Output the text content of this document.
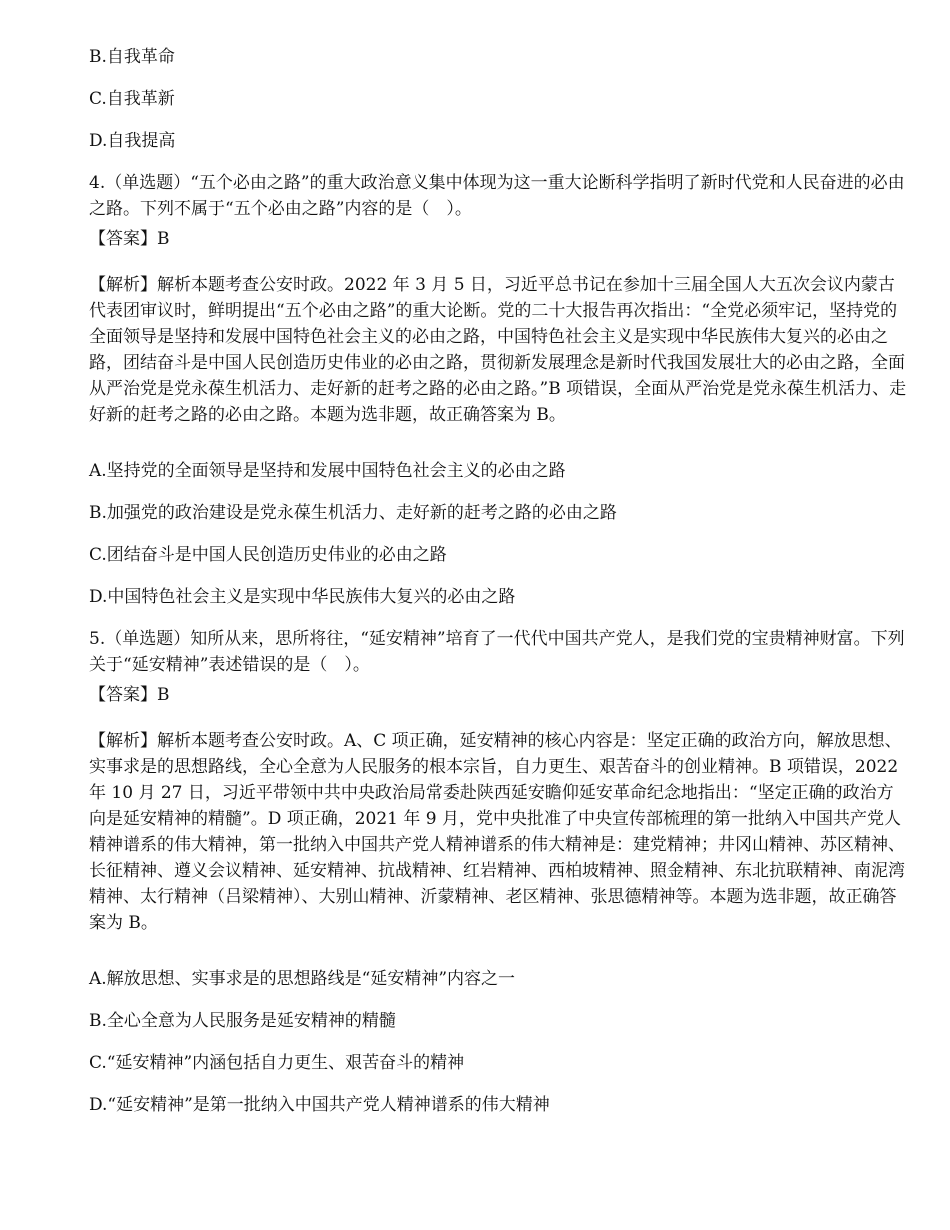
B.自我革命

C.自我革新

D.自我提高

4.（单选题）“五个必由之路”的重大政治意义集中体现为这一重大论断科学指明了新时代党和人民奋进的必由之路。下列不属于“五个必由之路”内容的是（　）。

【答案】B

【解析】解析本题考查公安时政。2022 年 3 月 5 日，习近平总书记在参加十三届全国人大五次会议内蒙古代表团审议时，鲜明提出“五个必由之路”的重大论断。党的二十大报告再次指出：“全党必须牢记，坚持党的全面领导是坚持和发展中国特色社会主义的必由之路，中国特色社会主义是实现中华民族伟大复兴的必由之路，团结奋斗是中国人民创造历史伟业的必由之路，贯彻新发展理念是新时代我国发展壮大的必由之路，全面从严治党是党永葆生机活力、走好新的赶考之路的必由之路。”B 项错误，全面从严治党是党永葆生机活力、走好新的赶考之路的必由之路。本题为选非题，故正确答案为 B。

A.坚持党的全面领导是坚持和发展中国特色社会主义的必由之路

B.加强党的政治建设是党永葆生机活力、走好新的赶考之路的必由之路

C.团结奋斗是中国人民创造历史伟业的必由之路

D.中国特色社会主义是实现中华民族伟大复兴的必由之路

5.（单选题）知所从来，思所将往，“延安精神”培育了一代代中国共产党人，是我们党的宝贵精神财富。下列关于“延安精神”表述错误的是（　）。

【答案】B

【解析】解析本题考查公安时政。A、C 项正确，延安精神的核心内容是：坚定正确的政治方向，解放思想、实事求是的思想路线，全心全意为人民服务的根本宗旨，自力更生、艰苦奋斗的创业精神。B 项错误，2022 年 10 月 27 日，习近平带领中共中央政治局常委赴陕西延安瞻仰延安革命纪念地指出：“坚定正确的政治方向是延安精神的精髓”。D 项正确，2021 年 9 月，党中央批准了中央宣传部梳理的第一批纳入中国共产党人精神谱系的伟大精神，第一批纳入中国共产党人精神谱系的伟大精神是：建党精神；井冈山精神、苏区精神、长征精神、遵义会议精神、延安精神、抗战精神、红岩精神、西柏坡精神、照金精神、东北抗联精神、南泥湾精神、太行精神（吕梁精神）、大别山精神、沂蒙精神、老区精神、张思德精神等。本题为选非题，故正确答案为 B。

A.解放思想、实事求是的思想路线是“延安精神”内容之一

B.全心全意为人民服务是延安精神的精髓

C.“延安精神”内涵包括自力更生、艰苦奋斗的精神

D.“延安精神”是第一批纳入中国共产党人精神谱系的伟大精神
